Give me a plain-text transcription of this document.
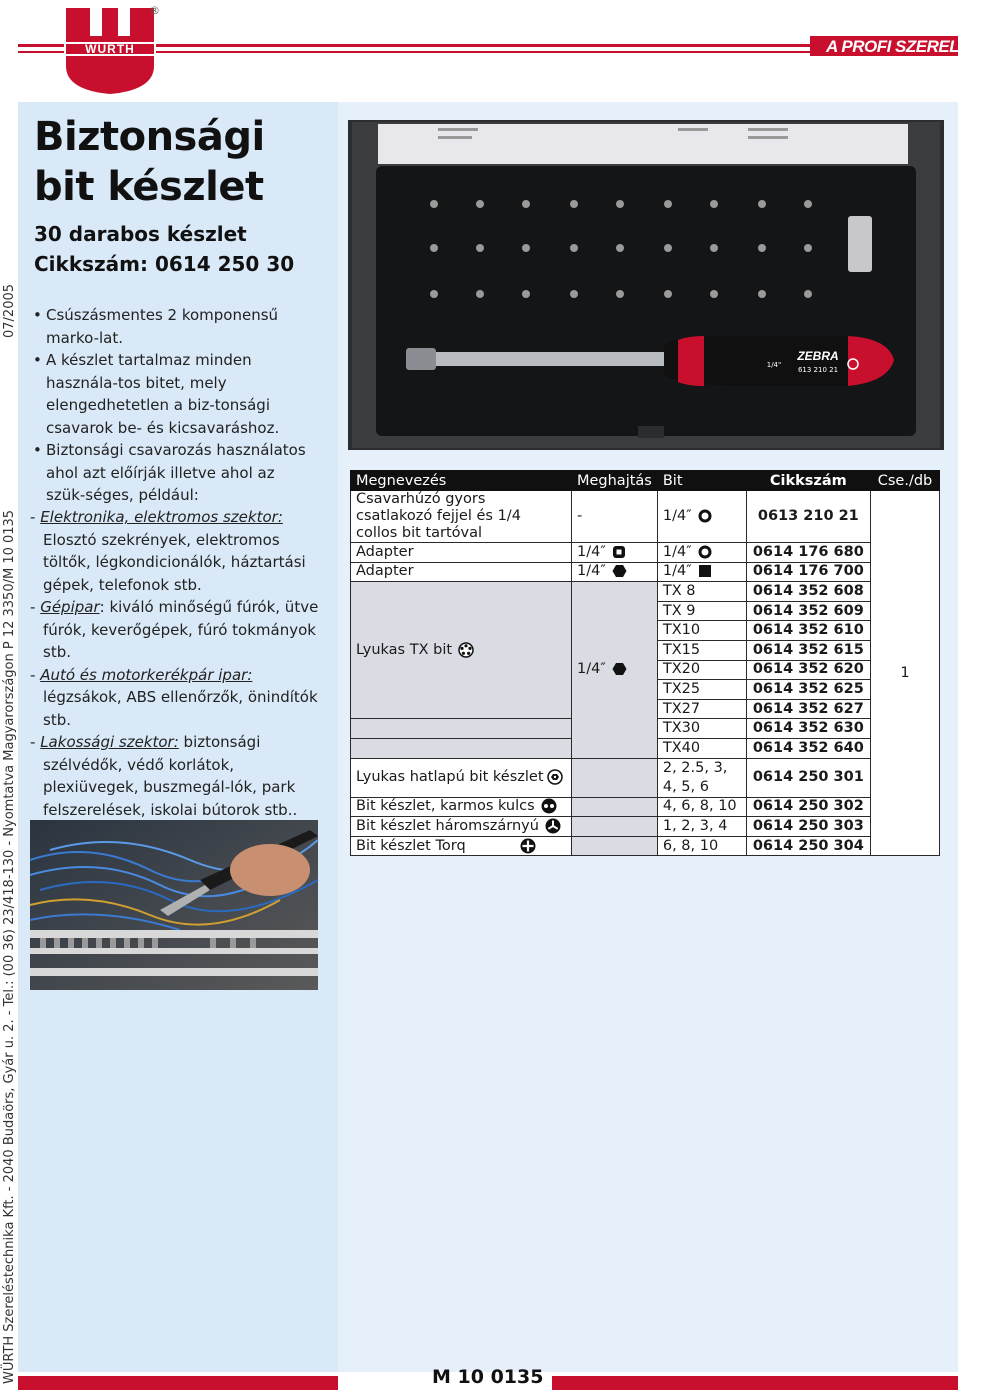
A PROFI SZERELÉS
WÜRTH
®
Biztonsági
bit készlet
30 darabos készlet
Cikkszám: 0614 250 30
• Csúszásmentes 2 komponensű marko-lat.
• A készlet tartalmaz minden használa-tos bitet, mely elengedhetetlen a biz-tonsági csavarok be- és kicsavaráshoz.
• Biztonsági csavarozás használatos ahol azt előírják illetve ahol az szük-séges, például:
- Elektronika, elektromos szektor: Elosztó szekrények, elektromos töltők, légkondicionálók, háztartási gépek, telefonok stb.
- Gépipar: kiváló minőségű fúrók, ütve fúrók, keverőgépek, fúró tokmányok stb.
- Autó és motorkerékpár ipar: légzsákok, ABS ellenőrzők, önindítók stb.
- Lakossági szektor: biztonsági szélvédők, védő korlátok, plexiüvegek, buszmegál-lók, park felszerelések, iskolai bútorok stb..
WÜRTH Szereléstechnika Kft. - 2040 Budaörs, Gyár u. 2. - Tel.: (00 36) 23/418-130 - Nyomtatva Magyarországon P 12 3350/M 10 0135
07/2005
ZEBRA
613 210 21
1/4"
Megnevezés	Meghajtás	Bit	Cikkszám	Cse./db
Csavarhúzó gyors csatlakozó fejjel és 1/4 collos bit tartóval	-	1/4″	0613 210 21	1
Adapter	1/4″	1/4″	0614 176 680	
Adapter	1/4″	1/4″	0614 176 700	
Lyukas TX bit	1/4″	TX 8	0614 352 608	
		TX 9	0614 352 609	
		TX10	0614 352 610	
		TX15	0614 352 615	
		TX20	0614 352 620	
		TX25	0614 352 625	
		TX27	0614 352 627	
		TX30	0614 352 630	
		TX40	0614 352 640	
Lyukas hatlapú bit készlet		2, 2.5, 3,
4, 5, 6	0614 250 301	
Bit készlet, karmos kulcs		4, 6, 8, 10	0614 250 302	
Bit készlet háromszárnyú		1, 2, 3, 4	0614 250 303	
Bit készlet Torq		6, 8, 10	0614 250 304	
M 10 0135
